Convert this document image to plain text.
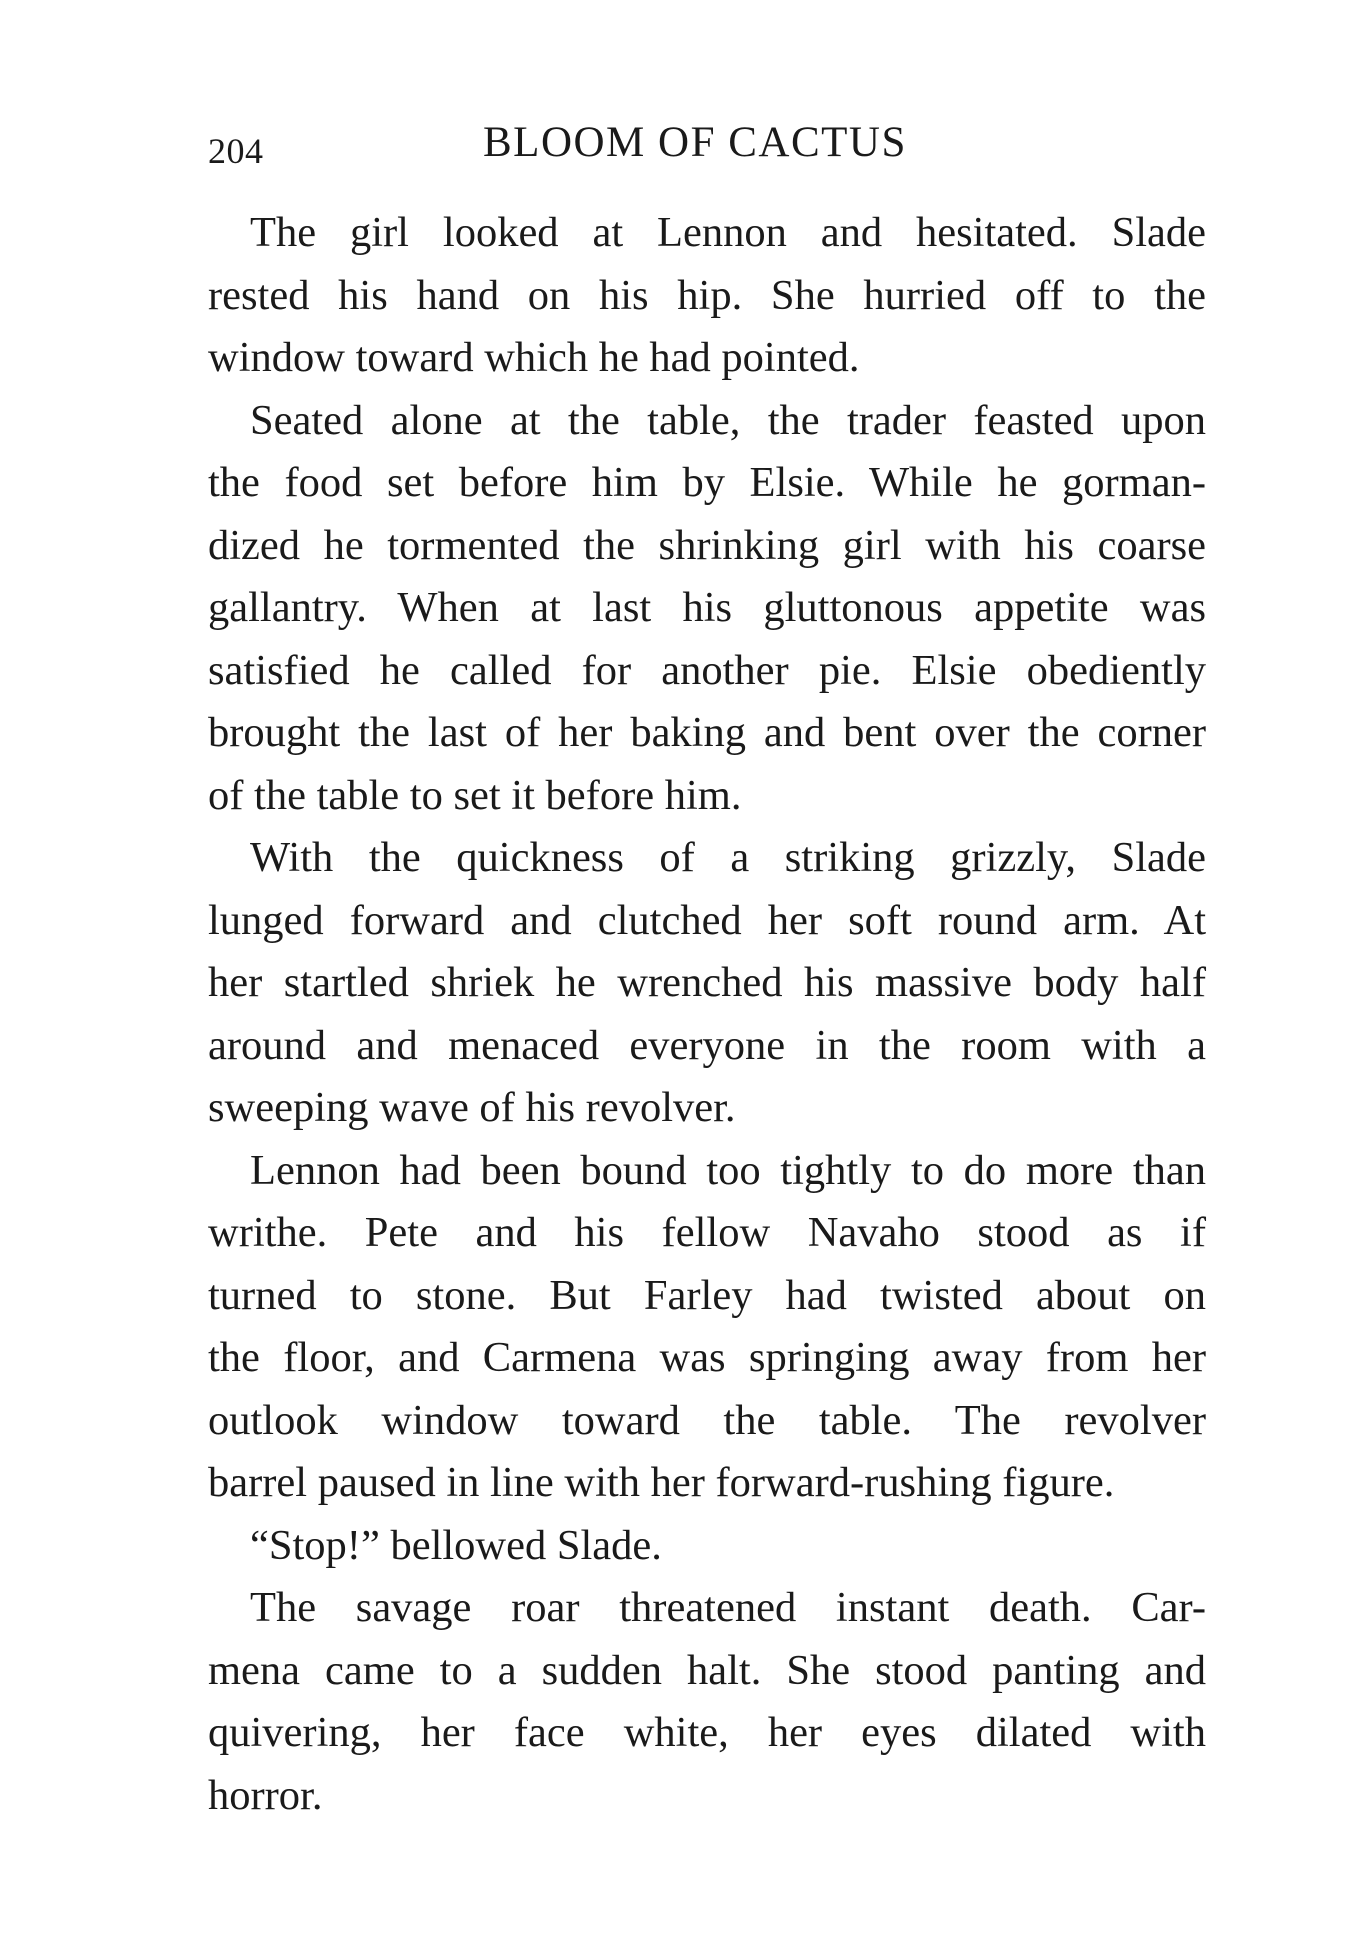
204	BLOOM OF CACTUS
The girl looked at Lennon and hesitated. Slade
rested his hand on his hip. She hurried off to the
window toward which he had pointed.
Seated alone at the table, the trader feasted upon
the food set before him by Elsie. While he gorman-
dized he tormented the shrinking girl with his coarse
gallantry. When at last his gluttonous appetite was
satisfied he called for another pie. Elsie obediently
brought the last of her baking and bent over the corner
of the table to set it before him.
With the quickness of a striking grizzly, Slade
lunged forward and clutched her soft round arm. At
her startled shriek he wrenched his massive body half
around and menaced everyone in the room with a
sweeping wave of his revolver.
Lennon had been bound too tightly to do more than
writhe. Pete and his fellow Navaho stood as if
turned to stone. But Farley had twisted about on
the floor, and Carmena was springing away from her
outlook window toward the table. The revolver
barrel paused in line with her forward-rushing figure.
“Stop!” bellowed Slade.
The savage roar threatened instant death. Car-
mena came to a sudden halt. She stood panting and
quivering, her face white, her eyes dilated with
horror.
